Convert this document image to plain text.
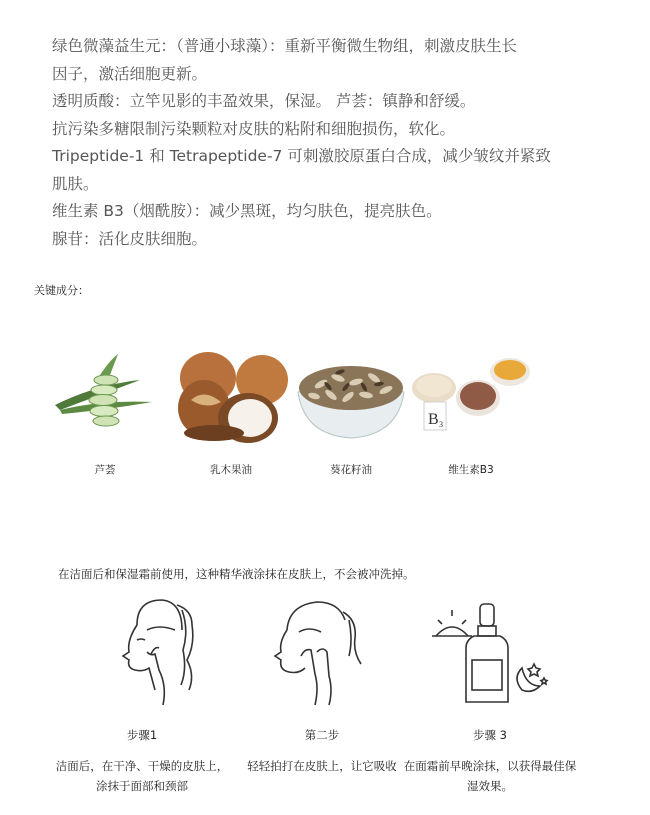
绿色微藻益生元：（普通小球藻）：重新平衡微生物组，刺激皮肤生长

因子，激活细胞更新。

透明质酸：立竿见影的丰盈效果，保湿。 芦荟：镇静和舒缓。

抗污染多糖限制污染颗粒对皮肤的粘附和细胞损伤，软化。

Tripeptide-1 和 Tetrapeptide-7 可刺激胶原蛋白合成，减少皱纹并紧致

肌肤。

维生素 B3（烟酰胺）：减少黑斑，均匀肤色，提亮肤色。

腺苷：活化皮肤细胞。

关键成分：
芦荟	乳木果油	葵花籽油
B 3
维生素B3
在洁面后和保湿霜前使用，这种精华液涂抹在皮肤上，不会被冲洗掉。
步骤1
洁面后，在干净、干燥的皮肤上，涂抹于面部和颈部
第二步
轻轻拍打在皮肤上，让它吸收
步骤 3
在面霜前早晚涂抹，以获得最佳保湿效果。
